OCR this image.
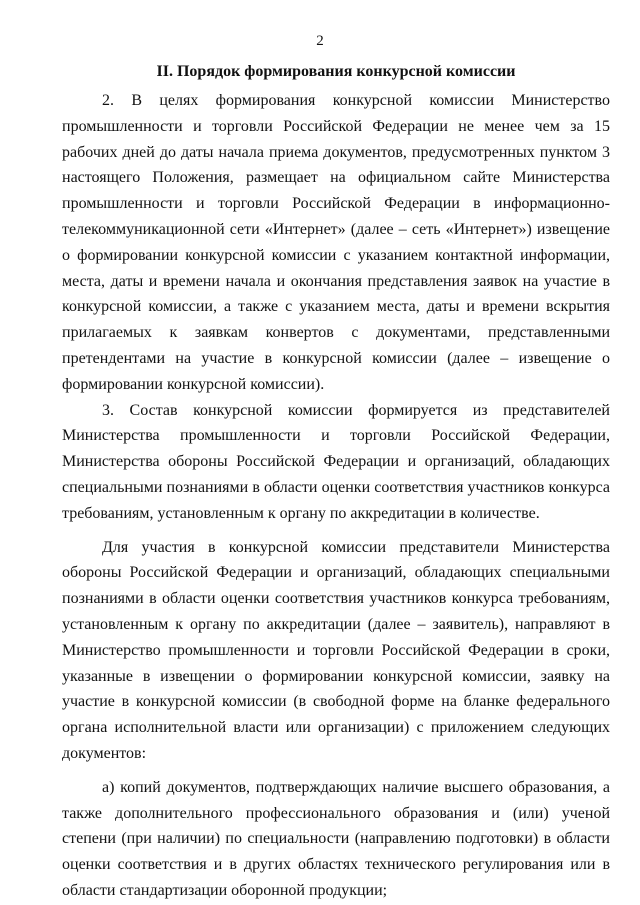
2
II. Порядок формирования конкурсной комиссии

2. В целях формирования конкурсной комиссии Министерство промышленности и торговли Российской Федерации не менее чем за 15 рабочих дней до даты начала приема документов, предусмотренных пунктом 3 настоящего Положения, размещает на официальном сайте Министерства промышленности и торговли Российской Федерации в информационно-телекоммуникационной сети «Интернет» (далее – сеть «Интернет») извещение о формировании конкурсной комиссии с указанием контактной информации, места, даты и времени начала и окончания представления заявок на участие в конкурсной комиссии, а также с указанием места, даты и времени вскрытия прилагаемых к заявкам конвертов с документами, представленными претендентами на участие в конкурсной комиссии (далее – извещение о формировании конкурсной комиссии).

3. Состав конкурсной комиссии формируется из представителей Министерства промышленности и торговли Российской Федерации, Министерства обороны Российской Федерации и организаций, обладающих специальными познаниями в области оценки соответствия участников конкурса требованиям, установленным к органу по аккредитации в количестве.

Для участия в конкурсной комиссии представители Министерства обороны Российской Федерации и организаций, обладающих специальными познаниями в области оценки соответствия участников конкурса требованиям, установленным к органу по аккредитации (далее – заявитель), направляют в Министерство промышленности и торговли Российской Федерации в сроки, указанные в извещении о формировании конкурсной комиссии, заявку на участие в конкурсной комиссии (в свободной форме на бланке федерального органа исполнительной власти или организации) с приложением следующих документов:

а) копий документов, подтверждающих наличие высшего образования, а также дополнительного профессионального образования и (или) ученой степени (при наличии) по специальности (направлению подготовки) в области оценки соответствия и в других областях технического регулирования или в области стандартизации оборонной продукции;
